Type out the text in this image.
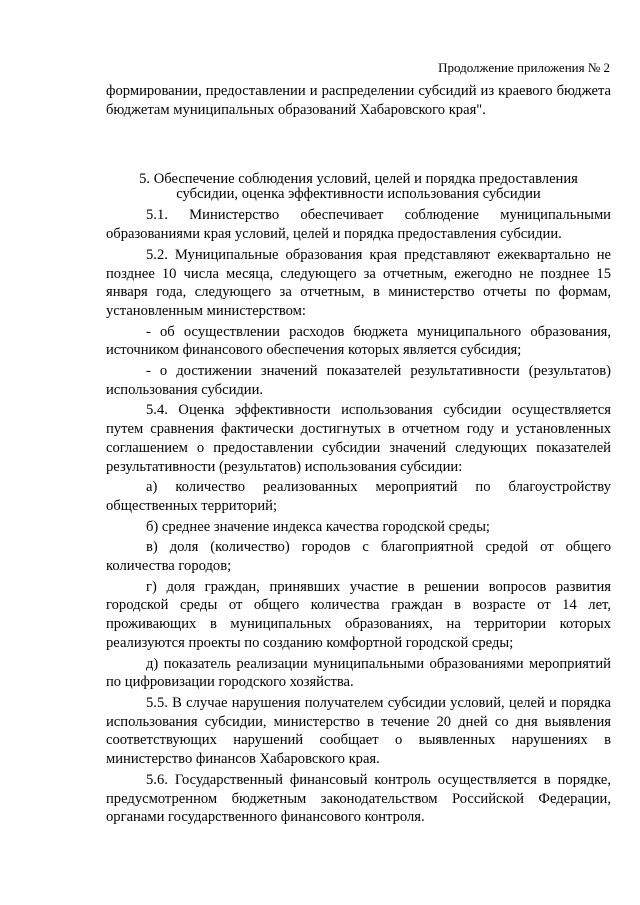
Продолжение приложения № 2

формировании, предоставлении и распределении субсидий из краевого бюджета бюджетам муниципальных образований Хабаровского края".

5. Обеспечение соблюдения условий, целей и порядка предоставления
субсидии, оценка эффективности использования субсидии

5.1. Министерство обеспечивает соблюдение муниципальными образованиями края условий, целей и порядка предоставления субсидии.

5.2. Муниципальные образования края представляют ежеквартально не позднее 10 числа месяца, следующего за отчетным, ежегодно не позднее 15 января года, следующего за отчетным, в министерство отчеты по формам, установленным министерством:

- об осуществлении расходов бюджета муниципального образования, источником финансового обеспечения которых является субсидия;

- о достижении значений показателей результативности (результатов) использования субсидии.

5.4. Оценка эффективности использования субсидии осуществляется путем сравнения фактически достигнутых в отчетном году и установленных соглашением о предоставлении субсидии значений следующих показателей результативности (результатов) использования субсидии:

а) количество реализованных мероприятий по благоустройству общественных территорий;

б) среднее значение индекса качества городской среды;

в) доля (количество) городов с благоприятной средой от общего количества городов;

г) доля граждан, принявших участие в решении вопросов развития городской среды от общего количества граждан в возрасте от 14 лет, проживающих в муниципальных образованиях, на территории которых реализуются проекты по созданию комфортной городской среды;

д) показатель реализации муниципальными образованиями мероприятий по цифровизации городского хозяйства.

5.5. В случае нарушения получателем субсидии условий, целей и порядка использования субсидии, министерство в течение 20 дней со дня выявления соответствующих нарушений сообщает о выявленных нарушениях в министерство финансов Хабаровского края.

5.6. Государственный финансовый контроль осуществляется в порядке, предусмотренном бюджетным законодательством Российской Федерации, органами государственного финансового контроля.
